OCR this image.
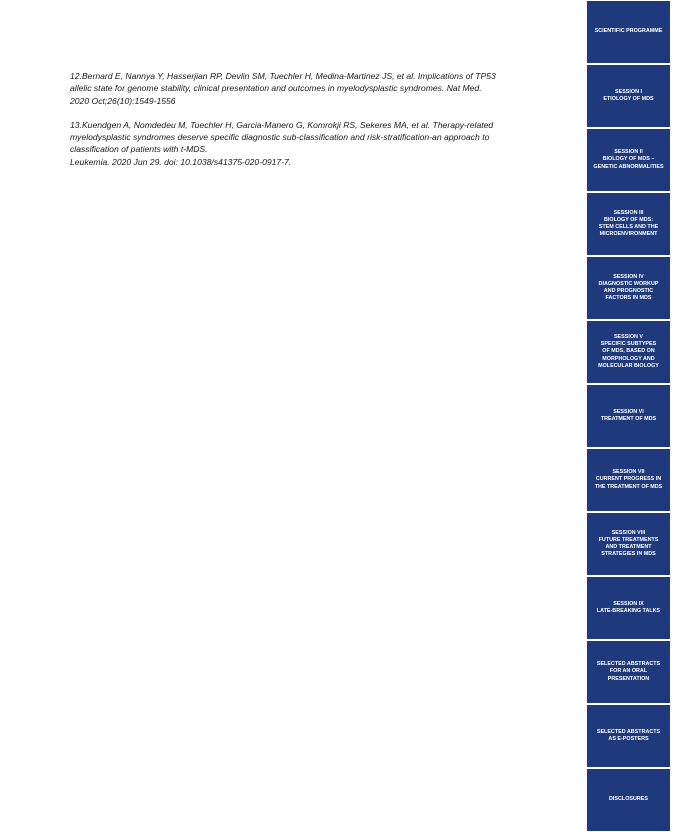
12.Bernard E, Nannya Y, Hasserjian RP, Devlin SM, Tuechler H, Medina-Martinez JS, et al. Implications of TP53
allelic state for genome stability, clinical presentation and outcomes in myelodysplastic syndromes. Nat Med.
2020 Oct;26(10):1549-1556
13.Kuendgen A, Nomdedeu M, Tuechler H, Garcia-Manero G, Komrokji RS, Sekeres MA, et al. Therapy-related
myelodysplastic syndromes deserve specific diagnostic sub-classification and risk-stratification-an approach to
classification of patients with t-MDS.
Leukemia. 2020 Jun 29. doi: 10.1038/s41375-020-0917-7.
SCIENTIFIC PROGRAMME
SESSION I
ETIOLOGY OF MDS
SESSION II
BIOLOGY OF MDS –
GENETIC ABNORMALITIES
SESSION III
BIOLOGY OF MDS:
STEM CELLS AND THE
MICROENVIRONMENT
SESSION IV
DIAGNOSTIC WORKUP
AND PROGNOSTIC
FACTORS IN MDS
SESSION V
SPECIFIC SUBTYPES
OF MDS, BASED ON
MORPHOLOGY AND
MOLECULAR BIOLOGY
SESSION VI
TREATMENT OF MDS
SESSION VII
CURRENT PROGRESS IN
THE TREATMENT OF MDS
SESSION VIII
FUTURE TREATMENTS
AND TREATMENT
STRATEGIES IN MDS
SESSION IX
LATE-BREAKING TALKS
SELECTED ABSTRACTS
FOR AN ORAL
PRESENTATION
SELECTED ABSTRACTS
AS E-POSTERS
DISCLOSURES
